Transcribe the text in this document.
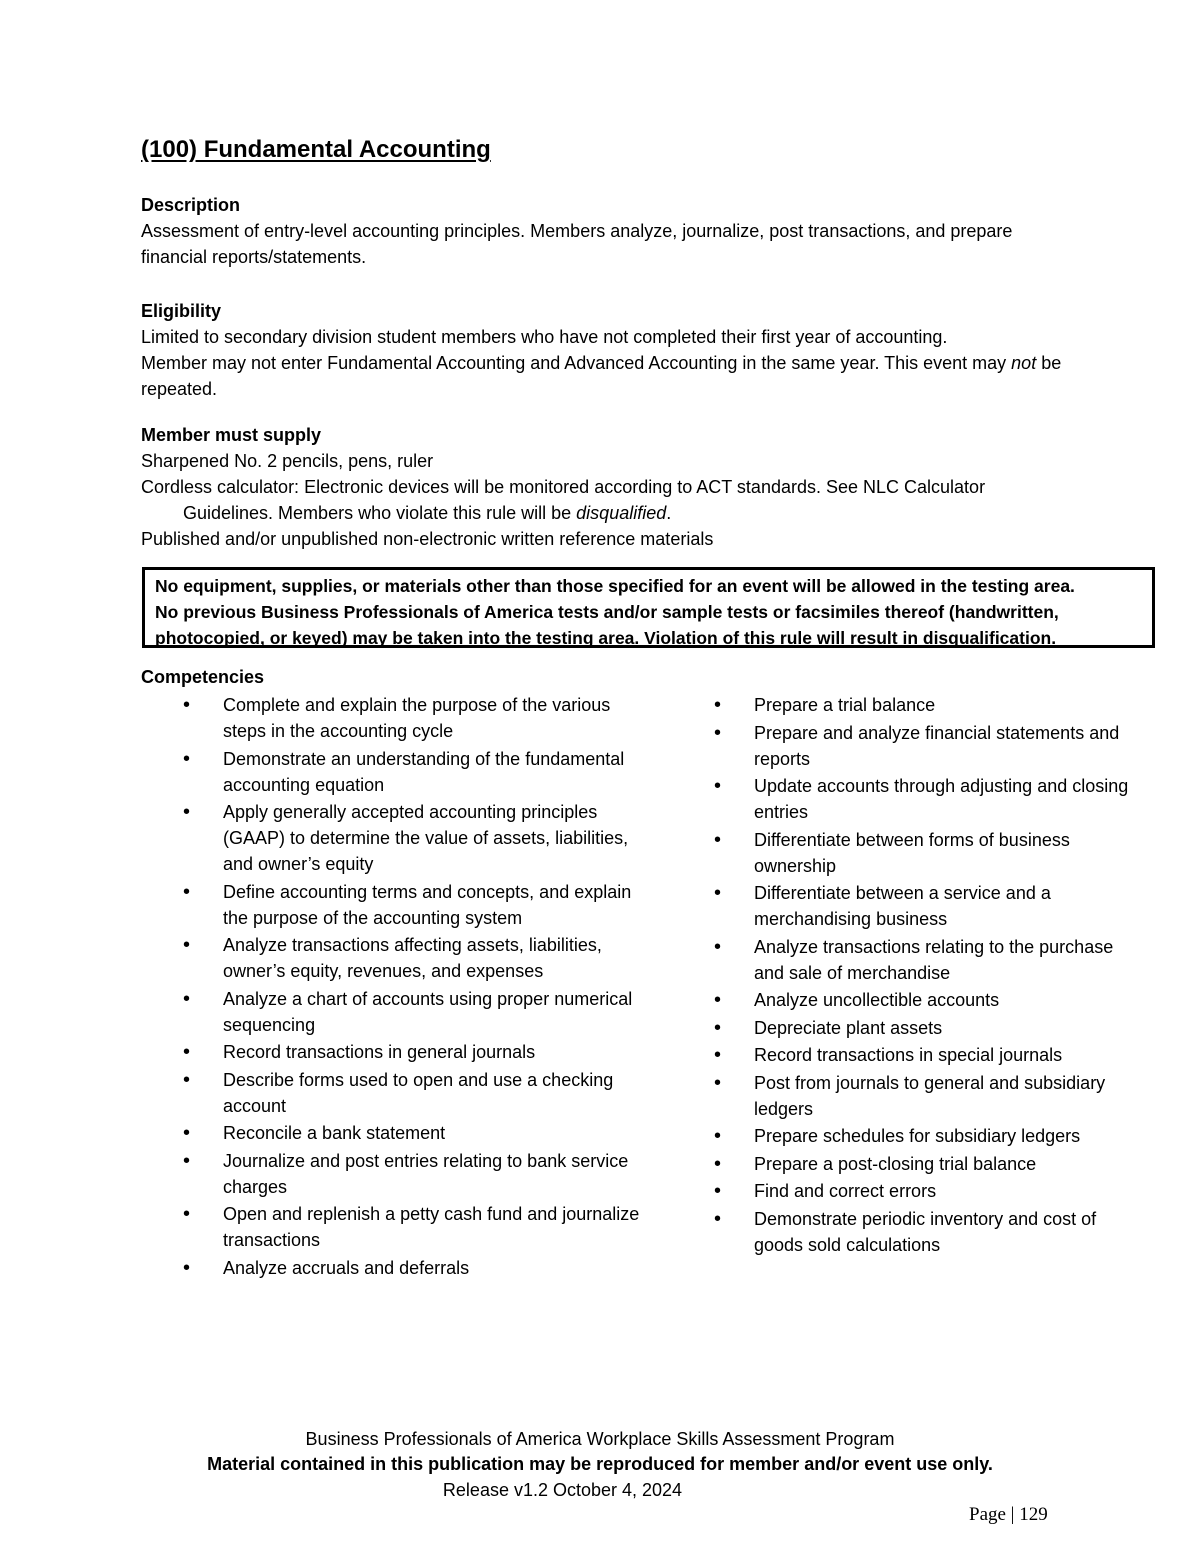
(100) Fundamental Accounting
Description

Assessment of entry-level accounting principles. Members analyze, journalize, post transactions, and prepare financial reports/statements.

Eligibility

Limited to secondary division student members who have not completed their first year of accounting.

Member may not enter Fundamental Accounting and Advanced Accounting in the same year. This event may not be repeated.

Member must supply

Sharpened No. 2 pencils, pens, ruler

Cordless calculator: Electronic devices will be monitored according to ACT standards. See NLC Calculator

Guidelines. Members who violate this rule will be disqualified.

Published and/or unpublished non-electronic written reference materials

No equipment, supplies, or materials other than those specified for an event will be allowed in the testing area.
No previous Business Professionals of America tests and/or sample tests or facsimiles thereof (handwritten,
photocopied, or keyed) may be taken into the testing area. Violation of this rule will result in disqualification.
Competencies
• Complete and explain the purpose of the various steps in the accounting cycle
• Demonstrate an understanding of the fundamental accounting equation
• Apply generally accepted accounting principles (GAAP) to determine the value of assets, liabilities, and owner’s equity
• Define accounting terms and concepts, and explain the purpose of the accounting system
• Analyze transactions affecting assets, liabilities, owner’s equity, revenues, and expenses
• Analyze a chart of accounts using proper numerical sequencing
• Record transactions in general journals
• Describe forms used to open and use a checking account
• Reconcile a bank statement
• Journalize and post entries relating to bank service charges
• Open and replenish a petty cash fund and journalize transactions
• Analyze accruals and deferrals
• Prepare a trial balance
• Prepare and analyze financial statements and reports
• Update accounts through adjusting and closing entries
• Differentiate between forms of business ownership
• Differentiate between a service and a merchandising business
• Analyze transactions relating to the purchase and sale of merchandise
• Analyze uncollectible accounts
• Depreciate plant assets
• Record transactions in special journals
• Post from journals to general and subsidiary ledgers
• Prepare schedules for subsidiary ledgers
• Prepare a post-closing trial balance
• Find and correct errors
• Demonstrate periodic inventory and cost of goods sold calculations
Business Professionals of America Workplace Skills Assessment Program
Material contained in this publication may be reproduced for member and/or event use only.
Release v1.2 October 4, 2024
Page | 129
